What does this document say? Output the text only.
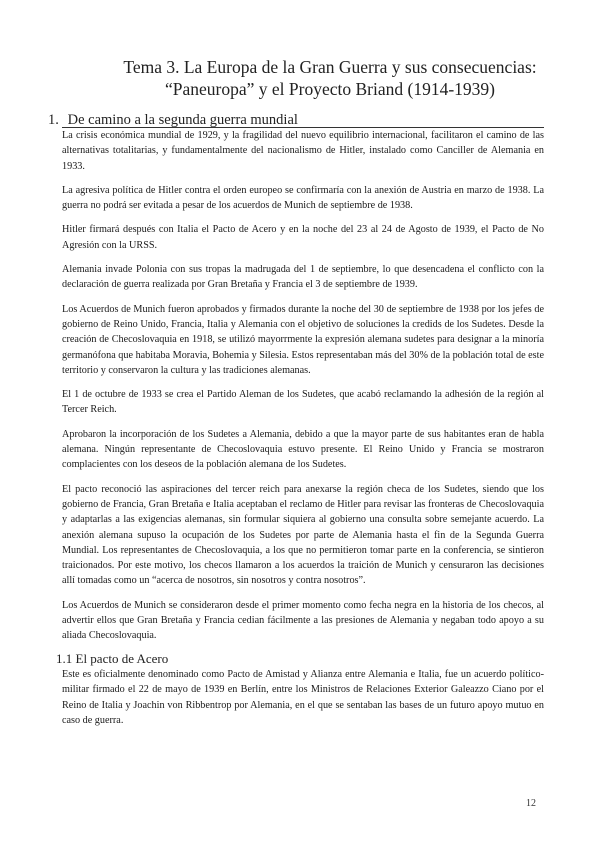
Tema 3. La Europa de la Gran Guerra y sus consecuencias:
“Paneuropa” y el Proyecto Briand (1914-1939)
1. De camino a la segunda guerra mundial

La crisis económica mundial de 1929, y la fragilidad del nuevo equilibrio internacional, facilitaron el camino de las alternativas totalitarias, y fundamentalmente del nacionalismo de Hitler, instalado como Canciller de Alemania en 1933.

La agresiva política de Hitler contra el orden europeo se confirmaría con la anexión de Austria en marzo de 1938. La guerra no podrá ser evitada a pesar de los acuerdos de Munich de septiembre de 1938.

Hitler firmará después con Italia el Pacto de Acero y en la noche del 23 al 24 de Agosto de 1939, el Pacto de No Agresión con la URSS.

Alemania invade Polonia con sus tropas la madrugada del 1 de septiembre, lo que desencadena el conflicto con la declaración de guerra realizada por Gran Bretaña y Francia el 3 de septiembre de 1939.

Los Acuerdos de Munich fueron aprobados y firmados durante la noche del 30 de septiembre de 1938 por los jefes de gobierno de Reino Unido, Francia, Italia y Alemania con el objetivo de soluciones la credids de los Sudetes. Desde la creación de Checoslovaquia en 1918, se utilizó mayorrmente la expresión alemana sudetes para designar a la minoría germanófona que habitaba Moravia, Bohemia y Silesia. Estos representaban más del 30% de la población total de este territorio y conservaron la cultura y las tradiciones alemanas.

El 1 de octubre de 1933 se crea el Partido Aleman de los Sudetes, que acabó reclamando la adhesión de la región al Tercer Reich.

Aprobaron la incorporación de los Sudetes a Alemania, debido a que la mayor parte de sus habitantes eran de habla alemana. Ningún representante de Checoslovaquia estuvo presente. El Reino Unido y Francia se mostraron complacientes con los deseos de la población alemana de los Sudetes.

El pacto reconoció las aspiraciones del tercer reich para anexarse la región checa de los Sudetes, siendo que los gobierno de Francia, Gran Bretaña e Italia aceptaban el reclamo de Hitler para revisar las fronteras de Checoslovaquia y adaptarlas a las exigencias alemanas, sin formular siquiera al gobierno una consulta sobre semejante acuerdo. La anexión alemana supuso la ocupación de los Sudetes por parte de Alemania hasta el fin de la Segunda Guerra Mundial. Los representantes de Checoslovaquia, a los que no permitieron tomar parte en la conferencia, se sintieron traicionados. Por este motivo, los checos llamaron a los acuerdos la traición de Munich y censuraron las decisiones allí tomadas como un “acerca de nosotros, sin nosotros y contra nosotros”.

Los Acuerdos de Munich se consideraron desde el primer momento como fecha negra en la historia de los checos, al advertir ellos que Gran Bretaña y Francia cedian fácilmente a las presiones de Alemania y negaban todo apoyo a su aliada Checoslovaquia.

1.1 El pacto de Acero

Este es oficialmente denominado como Pacto de Amistad y Alianza entre Alemania e Italia, fue un acuerdo político-militar firmado el 22 de mayo de 1939 en Berlín, entre los Ministros de Relaciones Exterior Galeazzo Ciano por el Reino de Italia y Joachin von Ribbentrop por Alemania, en el que se sentaban las bases de un futuro apoyo mutuo en caso de guerra.

12
